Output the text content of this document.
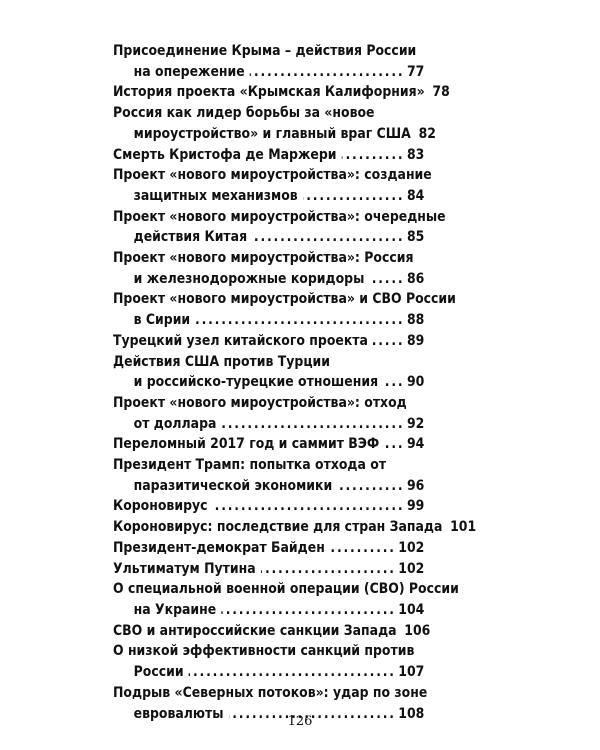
Присоединение Крыма – действия России
на опережение .....	77
История проекта «Крымская Калифорния» 78
Россия как лидер борьбы за «новое
мироустройство» и главный враг США 82
Смерть Кристофа де Маржери .....	83
Проект «нового мироустройства»: создание
защитных механизмов .....	84
Проект «нового мироустройства»: очередные
действия Китая .....	85
Проект «нового мироустройства»: Россия
и железнодорожные коридоры .....	86
Проект «нового мироустройства» и СВО России
в Сирии .....	88
Турецкий узел китайского проекта .....	89
Действия США против Турции
и российско-турецкие отношения ..... 90
Проект «нового мироустройства»: отход
от доллара .....	92
Переломный 2017 год и саммит ВЭФ ..... 94
Президент Трамп: попытка отхода от
паразитической экономики .....	96
Короновирус .....	99
Короновирус: последствие для стран Запада 101
Президент-демократ Байден .....	102
Ультиматум Путина .....	102
О специальной военной операции (СВО) России
на Украине .....	104
СВО и антироссийские санкции Запада 106
О низкой эффективности санкций против
России .....	107
Подрыв «Северных потоков»: удар по зоне
евровалюты .....	108
126
